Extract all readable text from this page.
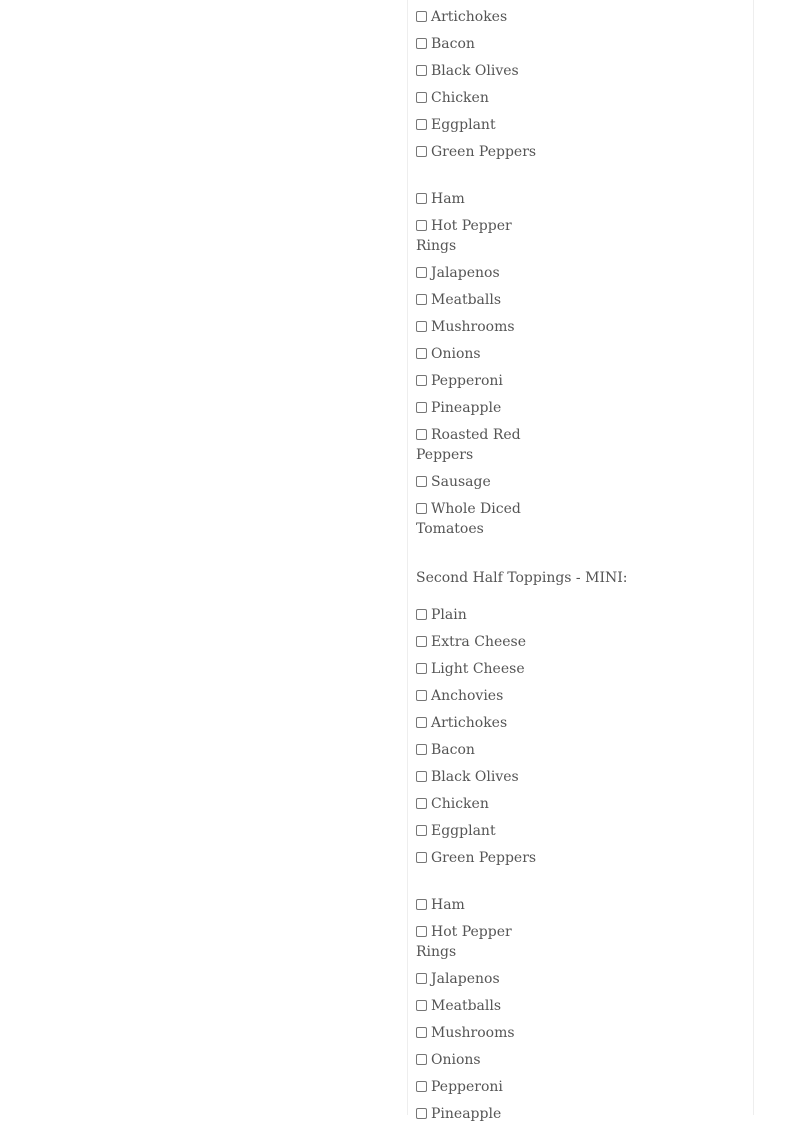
Artichokes
Bacon
Black Olives
Chicken
Eggplant
Green Peppers
Ham
Hot Pepper Rings
Jalapenos
Meatballs
Mushrooms
Onions
Pepperoni
Pineapple
Roasted Red Peppers
Sausage
Whole Diced Tomatoes
Second Half Toppings - MINI:
Plain
Extra Cheese
Light Cheese
Anchovies
Artichokes
Bacon
Black Olives
Chicken
Eggplant
Green Peppers
Ham
Hot Pepper Rings
Jalapenos
Meatballs
Mushrooms
Onions
Pepperoni
Pineapple
